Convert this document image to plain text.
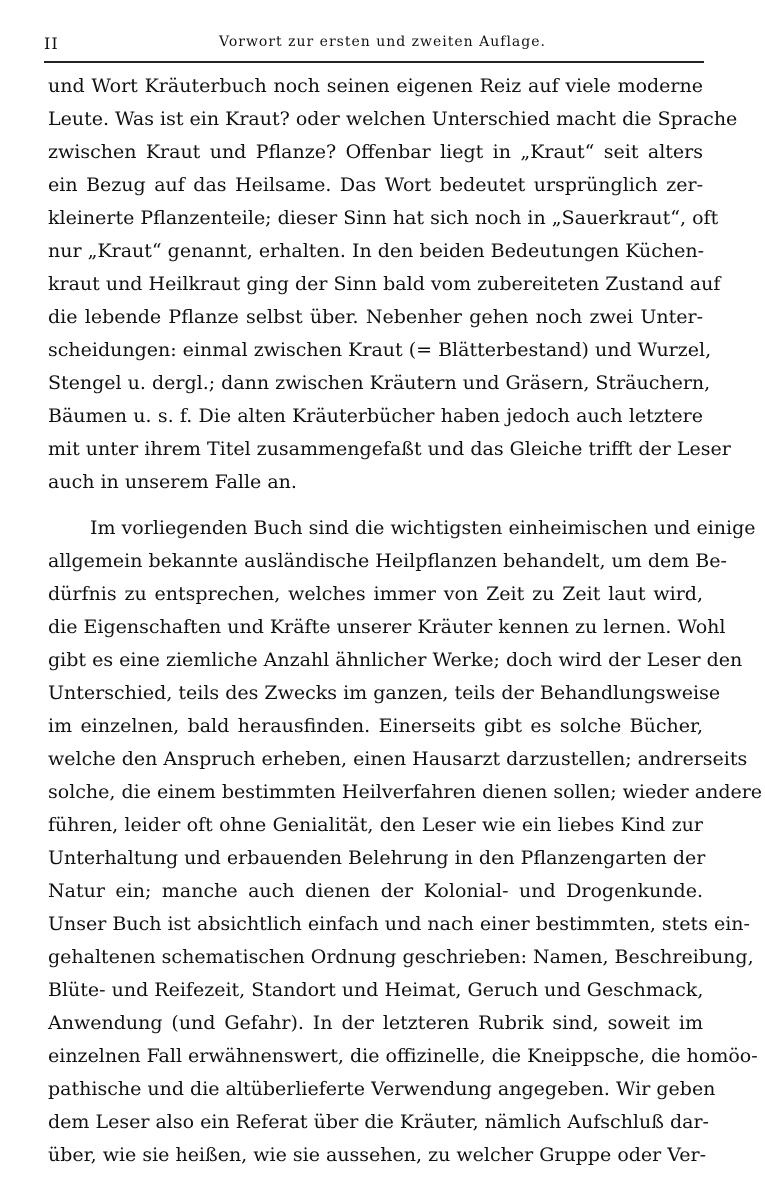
II	Vorwort zur ersten und zweiten Auflage.

und Wort Kräuterbuch noch seinen eigenen Reiz auf viele moderne
Leute. Was ist ein Kraut? oder welchen Unterschied macht die Sprache
zwischen Kraut und Pflanze? Offenbar liegt in „Kraut“ seit alters
ein Bezug auf das Heilsame. Das Wort bedeutet ursprünglich zer-
kleinerte Pflanzenteile; dieser Sinn hat sich noch in „Sauerkraut“, oft
nur „Kraut“ genannt, erhalten. In den beiden Bedeutungen Küchen-
kraut und Heilkraut ging der Sinn bald vom zubereiteten Zustand auf
die lebende Pflanze selbst über. Nebenher gehen noch zwei Unter-
scheidungen: einmal zwischen Kraut (= Blätterbestand) und Wurzel,
Stengel u. dergl.; dann zwischen Kräutern und Gräsern, Sträuchern,
Bäumen u. s. f. Die alten Kräuterbücher haben jedoch auch letztere
mit unter ihrem Titel zusammengefaßt und das Gleiche trifft der Leser
auch in unserem Falle an.

Im vorliegenden Buch sind die wichtigsten einheimischen und einige
allgemein bekannte ausländische Heilpflanzen behandelt, um dem Be-
dürfnis zu entsprechen, welches immer von Zeit zu Zeit laut wird,
die Eigenschaften und Kräfte unserer Kräuter kennen zu lernen. Wohl
gibt es eine ziemliche Anzahl ähnlicher Werke; doch wird der Leser den
Unterschied, teils des Zwecks im ganzen, teils der Behandlungsweise
im einzelnen, bald herausfinden. Einerseits gibt es solche Bücher,
welche den Anspruch erheben, einen Hausarzt darzustellen; andrerseits
solche, die einem bestimmten Heilverfahren dienen sollen; wieder andere
führen, leider oft ohne Genialität, den Leser wie ein liebes Kind zur
Unterhaltung und erbauenden Belehrung in den Pflanzengarten der
Natur ein; manche auch dienen der Kolonial- und Drogenkunde.
Unser Buch ist absichtlich einfach und nach einer bestimmten, stets ein-
gehaltenen schematischen Ordnung geschrieben: Namen, Beschreibung,
Blüte- und Reifezeit, Standort und Heimat, Geruch und Geschmack,
Anwendung (und Gefahr). In der letzteren Rubrik sind, soweit im
einzelnen Fall erwähnenswert, die offizinelle, die Kneippsche, die homöo-
pathische und die altüberlieferte Verwendung angegeben. Wir geben
dem Leser also ein Referat über die Kräuter, nämlich Aufschluß dar-
über, wie sie heißen, wie sie aussehen, zu welcher Gruppe oder Ver-
